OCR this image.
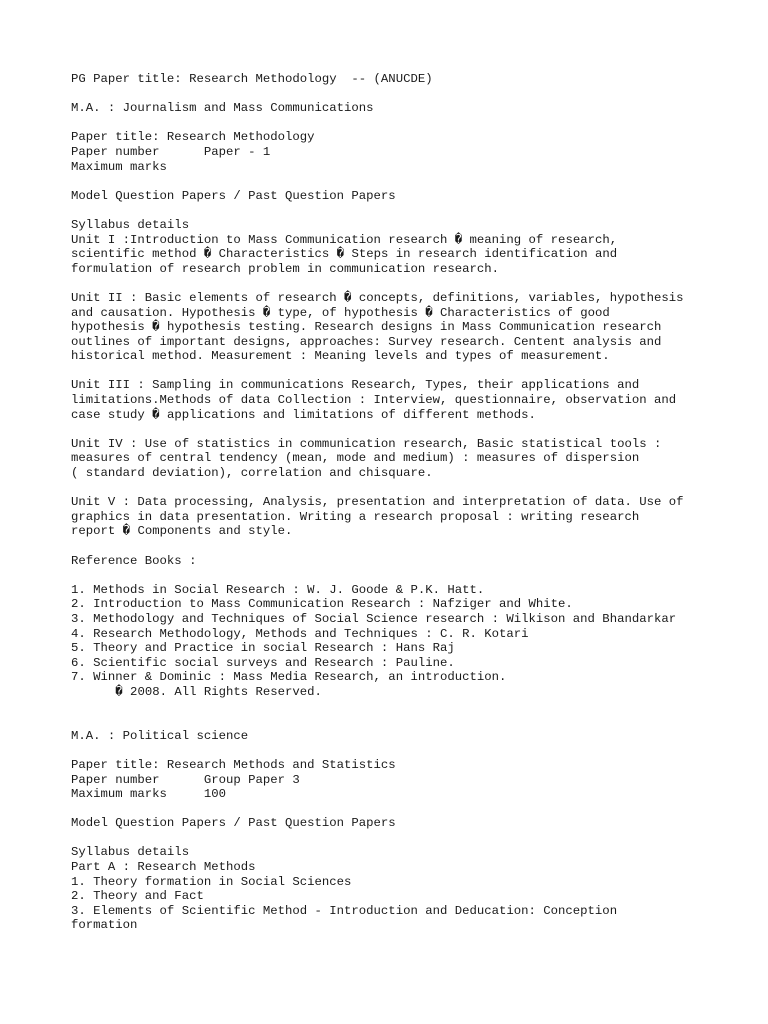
PG Paper title: Research Methodology  -- (ANUCDE)
M.A. : Journalism and Mass Communications
Paper title: Research Methodology
Paper number      Paper - 1
Maximum marks
Model Question Papers / Past Question Papers
Syllabus details
Unit I :Introduction to Mass Communication research � meaning of research,
scientific method � Characteristics � Steps in research identification and
formulation of research problem in communication research.
Unit II : Basic elements of research � concepts, definitions, variables, hypothesis
and causation. Hypothesis � type, of hypothesis � Characteristics of good
hypothesis � hypothesis testing. Research designs in Mass Communication research
outlines of important designs, approaches: Survey research. Centent analysis and
historical method. Measurement : Meaning levels and types of measurement.
Unit III : Sampling in communications Research, Types, their applications and
limitations.Methods of data Collection : Interview, questionnaire, observation and
case study � applications and limitations of different methods.
Unit IV : Use of statistics in communication research, Basic statistical tools :
measures of central tendency (mean, mode and medium) : measures of dispersion
( standard deviation), correlation and chisquare.
Unit V : Data processing, Analysis, presentation and interpretation of data. Use of
graphics in data presentation. Writing a research proposal : writing research
report � Components and style.
Reference Books :
1. Methods in Social Research : W. J. Goode & P.K. Hatt.
2. Introduction to Mass Communication Research : Nafziger and White.
3. Methodology and Techniques of Social Science research : Wilkison and Bhandarkar
4. Research Methodology, Methods and Techniques : C. R. Kotari
5. Theory and Practice in social Research : Hans Raj
6. Scientific social surveys and Research : Pauline.
7. Winner & Dominic : Mass Media Research, an introduction.
� 2008. All Rights Reserved.
M.A. : Political science
Paper title: Research Methods and Statistics
Paper number      Group Paper 3
Maximum marks     100
Model Question Papers / Past Question Papers
Syllabus details
Part A : Research Methods
1. Theory formation in Social Sciences
2. Theory and Fact
3. Elements of Scientific Method - Introduction and Deducation: Conception
formation
